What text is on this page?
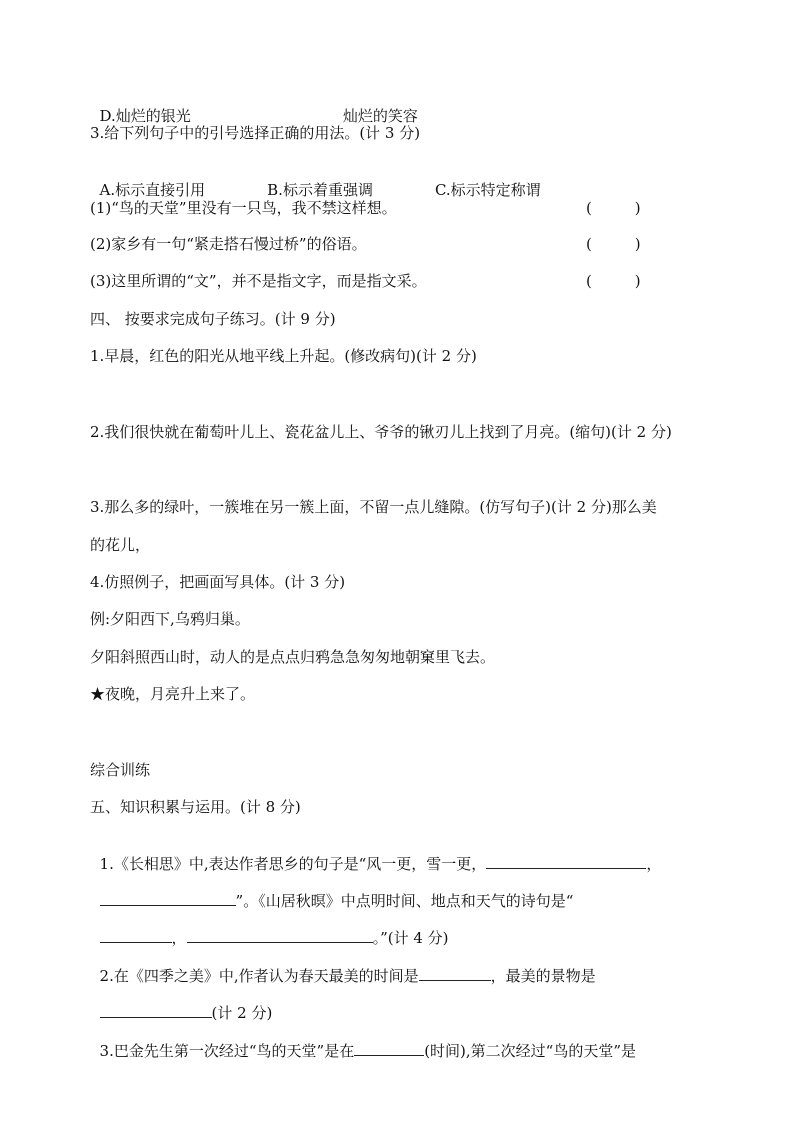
D.灿烂的银光	灿烂的笑容

3.给下列句子中的引号选择正确的用法。(计 3 分)

A.标示直接引用	B.标示着重强调	C.标示特定称谓

(1)“鸟的天堂”里没有一只鸟，我不禁这样想。	(         )
(2)家乡有一句“紧走搭石慢过桥”的俗语。	(         )
(3)这里所谓的“文”，并不是指文字，而是指文采。	(         )
四、 按要求完成句子练习。(计 9 分)
1.早晨，红色的阳光从地平线上升起。(修改病句)(计 2 分)
2.我们很快就在葡萄叶儿上、瓷花盆儿上、爷爷的锹刃儿上找到了月亮。(缩句)(计 2 分)
3.那么多的绿叶，一簇堆在另一簇上面，不留一点儿缝隙。(仿写句子)(计 2 分)那么美
的花儿，
4.仿照例子，把画面写具体。(计 3 分)
例:夕阳西下,乌鸦归巢。
夕阳斜照西山时，动人的是点点归鸦急急匆匆地朝窠里飞去。
★夜晚，月亮升上来了。
综合训练
五、知识积累与运用。(计 8 分)

1.《长相思》中,表达作者思乡的句子是“风一更，雪一更，	，

”。《山居秋暝》中点明时间、地点和天气的诗句是“

，	。”(计 4 分)

2.在《四季之美》中,作者认为春天最美的时间是	，最美的景物是

(计 2 分)

3.巴金先生第一次经过“鸟的天堂”是在	(时间),第二次经过“鸟的天堂”是
